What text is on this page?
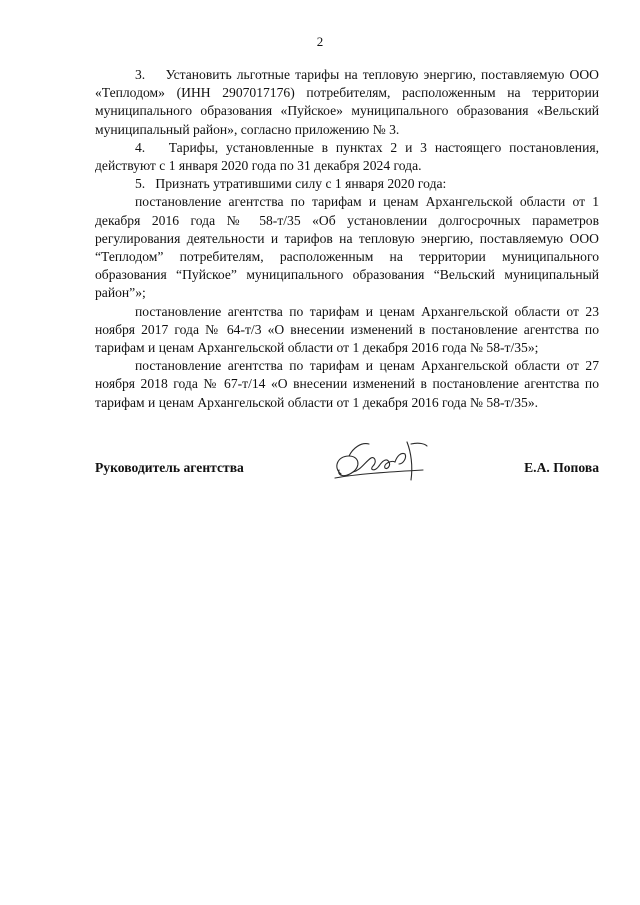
2

3.    Установить льготные тарифы на тепловую энергию, поставляемую ООО «Теплодом» (ИНН 2907017176) потребителям, расположенным на территории муниципального образования «Пуйское» муниципального образования «Вельский муниципальный район», согласно приложению № 3.

4.   Тарифы, установленные в пунктах 2 и 3 настоящего постановления, действуют с 1 января 2020 года по 31 декабря 2024 года.

5.   Признать утратившими силу с 1 января 2020 года:

постановление агентства по тарифам и ценам Архангельской области от 1 декабря 2016 года № 58-т/35 «Об установлении долгосрочных параметров регулирования деятельности и тарифов на тепловую энергию, поставляемую ООО “Теплодом” потребителям, расположенным на территории муниципального образования “Пуйское” муниципального образования “Вельский муниципальный район”»;

постановление агентства по тарифам и ценам Архангельской области от 23 ноября 2017 года № 64-т/3 «О внесении изменений в постановление агентства по тарифам и ценам Архангельской области от 1 декабря 2016 года № 58-т/35»;

постановление агентства по тарифам и ценам Архангельской области от 27 ноября 2018 года № 67-т/14 «О внесении изменений в постановление агентства по тарифам и ценам Архангельской области от 1 декабря 2016 года № 58-т/35».

Руководитель агентства	Е.А. Попова
